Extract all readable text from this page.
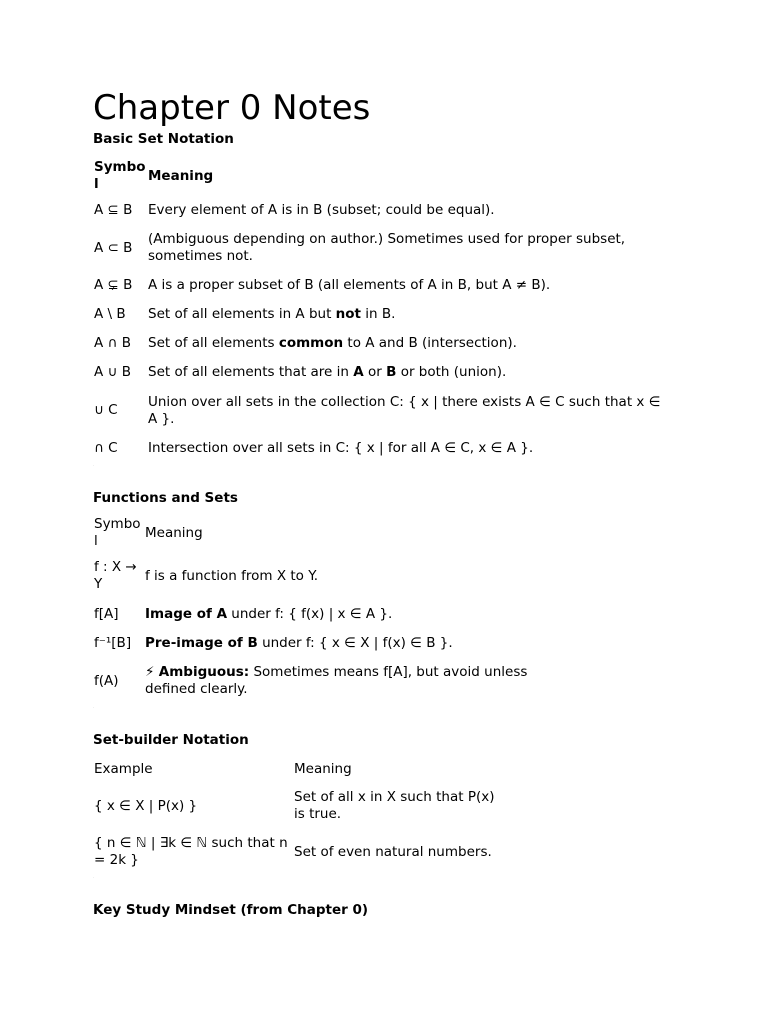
Chapter 0 Notes
Basic Set Notation
Symbol	Meaning
A ⊆ B	Every element of A is in B (subset; could be equal).
A ⊂ B	(Ambiguous depending on author.) Sometimes used for proper subset, sometimes not.
A ⊊ B	A is a proper subset of B (all elements of A in B, but A ≠ B).
A \ B	Set of all elements in A but not in B.
A ∩ B	Set of all elements common to A and B (intersection).
A ∪ B	Set of all elements that are in A or B or both (union).
∪ C	Union over all sets in the collection C: { x | there exists A ∈ C such that x ∈ A }.
∩ C	Intersection over all sets in C: { x | for all A ∈ C, x ∈ A }.
.
Functions and Sets
Symbol	Meaning
f : X → Y	f is a function from X to Y.
f[A]	Image of A under f: { f(x) | x ∈ A }.
f⁻¹[B]	Pre-image of B under f: { x ∈ X | f(x) ∈ B }.
f(A)	⚡ Ambiguous: Sometimes means f[A], but avoid unless defined clearly.
.
Set-builder Notation
Example	Meaning
{ x ∈ X | P(x) }	Set of all x in X such that P(x) is true.
{ n ∈ ℕ | ∃k ∈ ℕ such that n = 2k }	Set of even natural numbers.
.
Key Study Mindset (from Chapter 0)
